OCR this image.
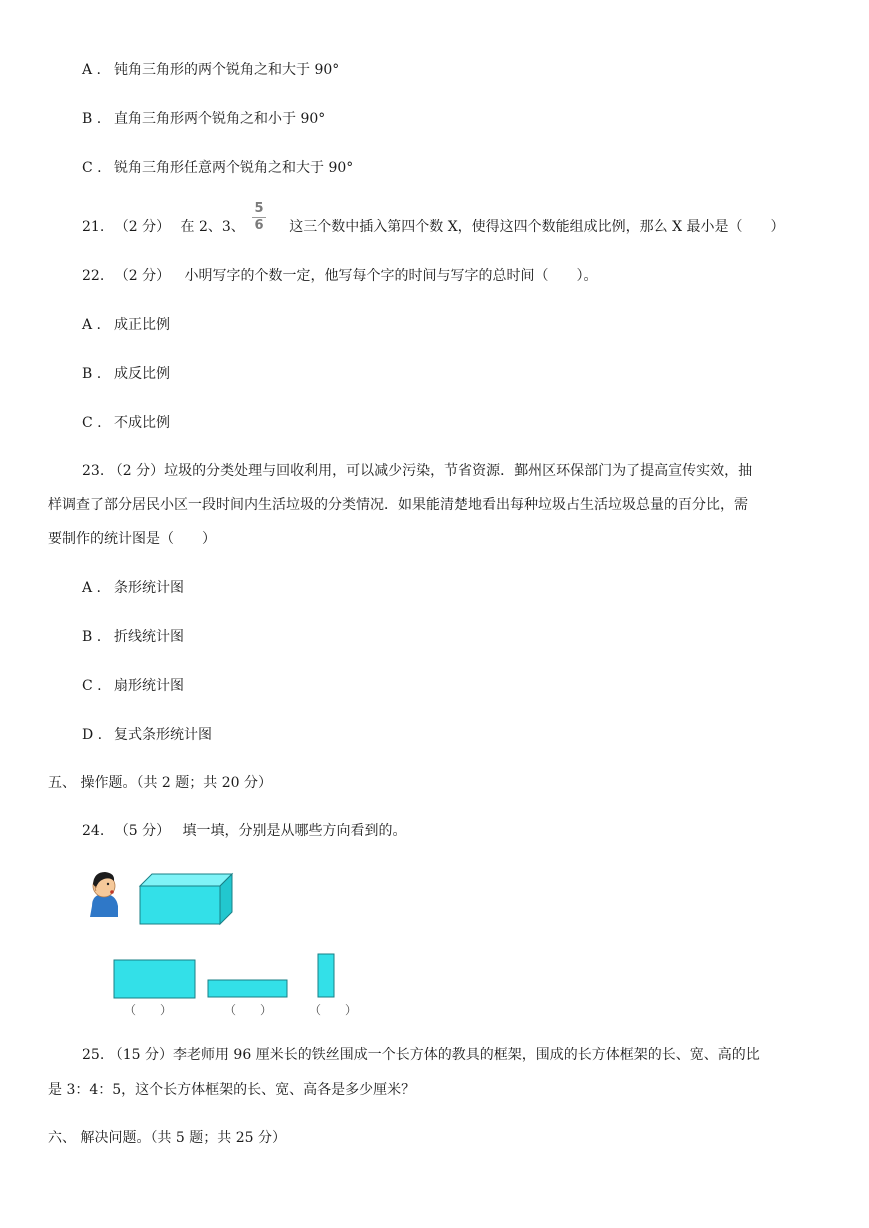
A . 钝角三角形的两个锐角之和大于 90°
B . 直角三角形两个锐角之和小于 90°
C . 锐角三角形任意两个锐角之和大于 90°
21. （2 分） 在 2、3、	这三个数中插入第四个数 X，使得这四个数能组成比例，那么 X 最小是（　　）
5
6
22. （2 分） 小明写字的个数一定，他写每个字的时间与写字的总时间（　　）。
A . 成正比例
B . 成反比例
C . 不成比例
23. （2 分）垃圾的分类处理与回收利用，可以减少污染，节省资源．鄞州区环保部门为了提高宣传实效，抽
样调查了部分居民小区一段时间内生活垃圾的分类情况．如果能清楚地看出每种垃圾占生活垃圾总量的百分比，需
要制作的统计图是（　　）
A . 条形统计图
B . 折线统计图
C . 扇形统计图
D . 复式条形统计图
五、 操作题。（共 2 题；共 20 分）
24. （5 分） 填一填，分别是从哪些方向看到的。
（　　）	（　　）	（　　）
25. （15 分）李老师用 96 厘米长的铁丝围成一个长方体的教具的框架，围成的长方体框架的长、宽、高的比
是 3：4：5，这个长方体框架的长、宽、高各是多少厘米？
六、 解决问题。（共 5 题；共 25 分）
